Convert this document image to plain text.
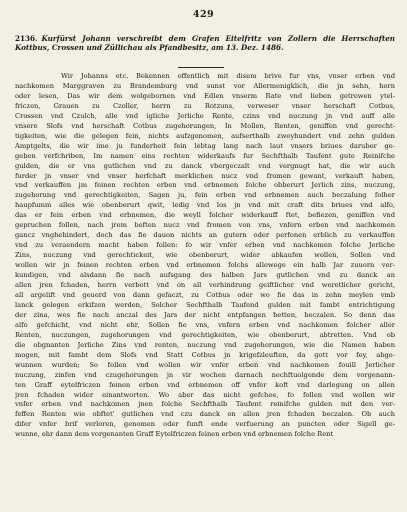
429
2136. Kurfürst Johann verschreibt dem Grafen Eitelfritz von Zollern die Herrschaften Kottbus, Crossen und Züllichau als Pfandbesitz, am 13. Dez. 1486.
Wir Johanns etc. Bekennen offentlich mit disem brive fur vns, vnser erben vnd
nachkomen Marggraven zu Brandemburg vnd sunst vor Allermenigklich, die jn sehn, horn
oder lesen, Das wir dem wolgebornen vnd Edlen vnserm Rate vnd lieben getrewen ytel-
friczen, Grauen zu Czoller, herrn zu Rotzuns, verweser vnser herschaft Cotbus,
Crossen vnd Czulch, alle vnd igliche Jerliche Rente, czins vnd nuczung jn vnd auff alle
vnsere Slofs vnd herschaft Cotbus zugehorungen, In Mollen, Renten, geniffen vnd gerecht-
tigkeiten, wie die gelegen fein, nichts aufzgenomen, aufserthalb zweyhundert vnd zehn gulden
Amptgelts, die wir ime ju funderheit fein lebtag lang nach laut vnsers briues daruber ge-
geben verfchriben, Im namen eins rechten widerkaufs fur Sechfthalb Taufent gute Reinifche
gulden, die er vns gutlichen vnd zu danck vbergeczalt vnd vergnugt hat, die wir auch
furder jn vnser vnd vnser herfchaft merklichen nucz vnd fromen gewant, verkauft haben,
vnd verkauffen jm feinen rechten erben vnd erbnemen folche obberurt Jerlich zins, nuczung,
zugehorung vnd gerechtigkeiten, Sagen ju, fein erben vnd erbnemen auch beczalung folher
haupfumm alles wie obenberurt qwit, ledig vnd los jn vnd mit craft dits briues vnd alfo,
das er fein erben vnd erbnemen, die weyll folcher widerkauff ftet, befiezen, geniffen vnd
gepruchen follen, nach jrem beften nucz vnd fromen von vns, vnfern erben vnd nachkomen
gancz vnghehindert, doch das fie dauon nichts an gutern oder perfonen erblich zu verkauffen
vnd zu veraendern macht haben follen: fo wir vnfer erben vnd nachkomen folche Jerliche
Zins, nuczung vnd gerechtickeit, wie obenberurt, wider abkaufen wollen, Sollen vnd
wollen wir jn feinen rechten erben vnd erbnemen folchs allewege ein halb Jar zuuorn ver-
kundigen, vnd alsdann fie nach aufsgang des halben Jars gutlichen vnd zu danck an
allen jren fchaden, herrn verbott vnd on all verhindrung geiftlicher vnd weretlicher gericht,
all argelift vnd geuerd von dann gefaczt, zu Cotbus oder wo fie das in zehn meylen vmb
lanck gelegen erkifzen werden, Solcher Sechfthalb Taufend gulden mit fambt entrichtigung
der zina, wes fie nach anczal des Jars der nicht entpfangen hetten, beczalen. So denn das
alfo gefchicht, vnd nicht ehr, Sollen fie vns, vnfern erben vnd nachkomen folcher aller
Renten, nuczungen, zugehorungen vnd gerechtigkeiten, wie obenberurt, abtretten. Vnd ob
die obgnanten Jerliche Zins vnd renten, nuczung vnd zugehorungen, wie die Namen haben
mogen, mit fambt dem Slofs vnd Statt Cotbus jn krigefzleuften, da gott vor fey, abge-
wunnen wurden; So follen vnd wollen wir vnfer erben vnd nachkomen fouill Jerlicher
nuczung, zinfen vnd czugehorungen jn vir wochen darnach nechftuolgende dem vorgenann-
ten Graff eytelfriczen feinen erben vnd erbnemen off vnfer koft vnd darlegung on allen
jren fchaden wider einantworten. Wo aber das nicht gefchee, fo follen vnd wollen wir
vnfer erben vnd nachkomen jnen folche Sechfthalb Taufent reinifche gulden mit den ver-
feffen Renten wie obftet' gutlichen vnd czu danck on allen jren fchaden beczalen. Ob auch
difer vnfer brif verloren, genomen oder funft ende verfuerung an puncten oder Sigell ge-
wunne, ehr dann dem vorgenanten Graff Eytelfriczen feinen erben vnd erbnemen folche Rent
